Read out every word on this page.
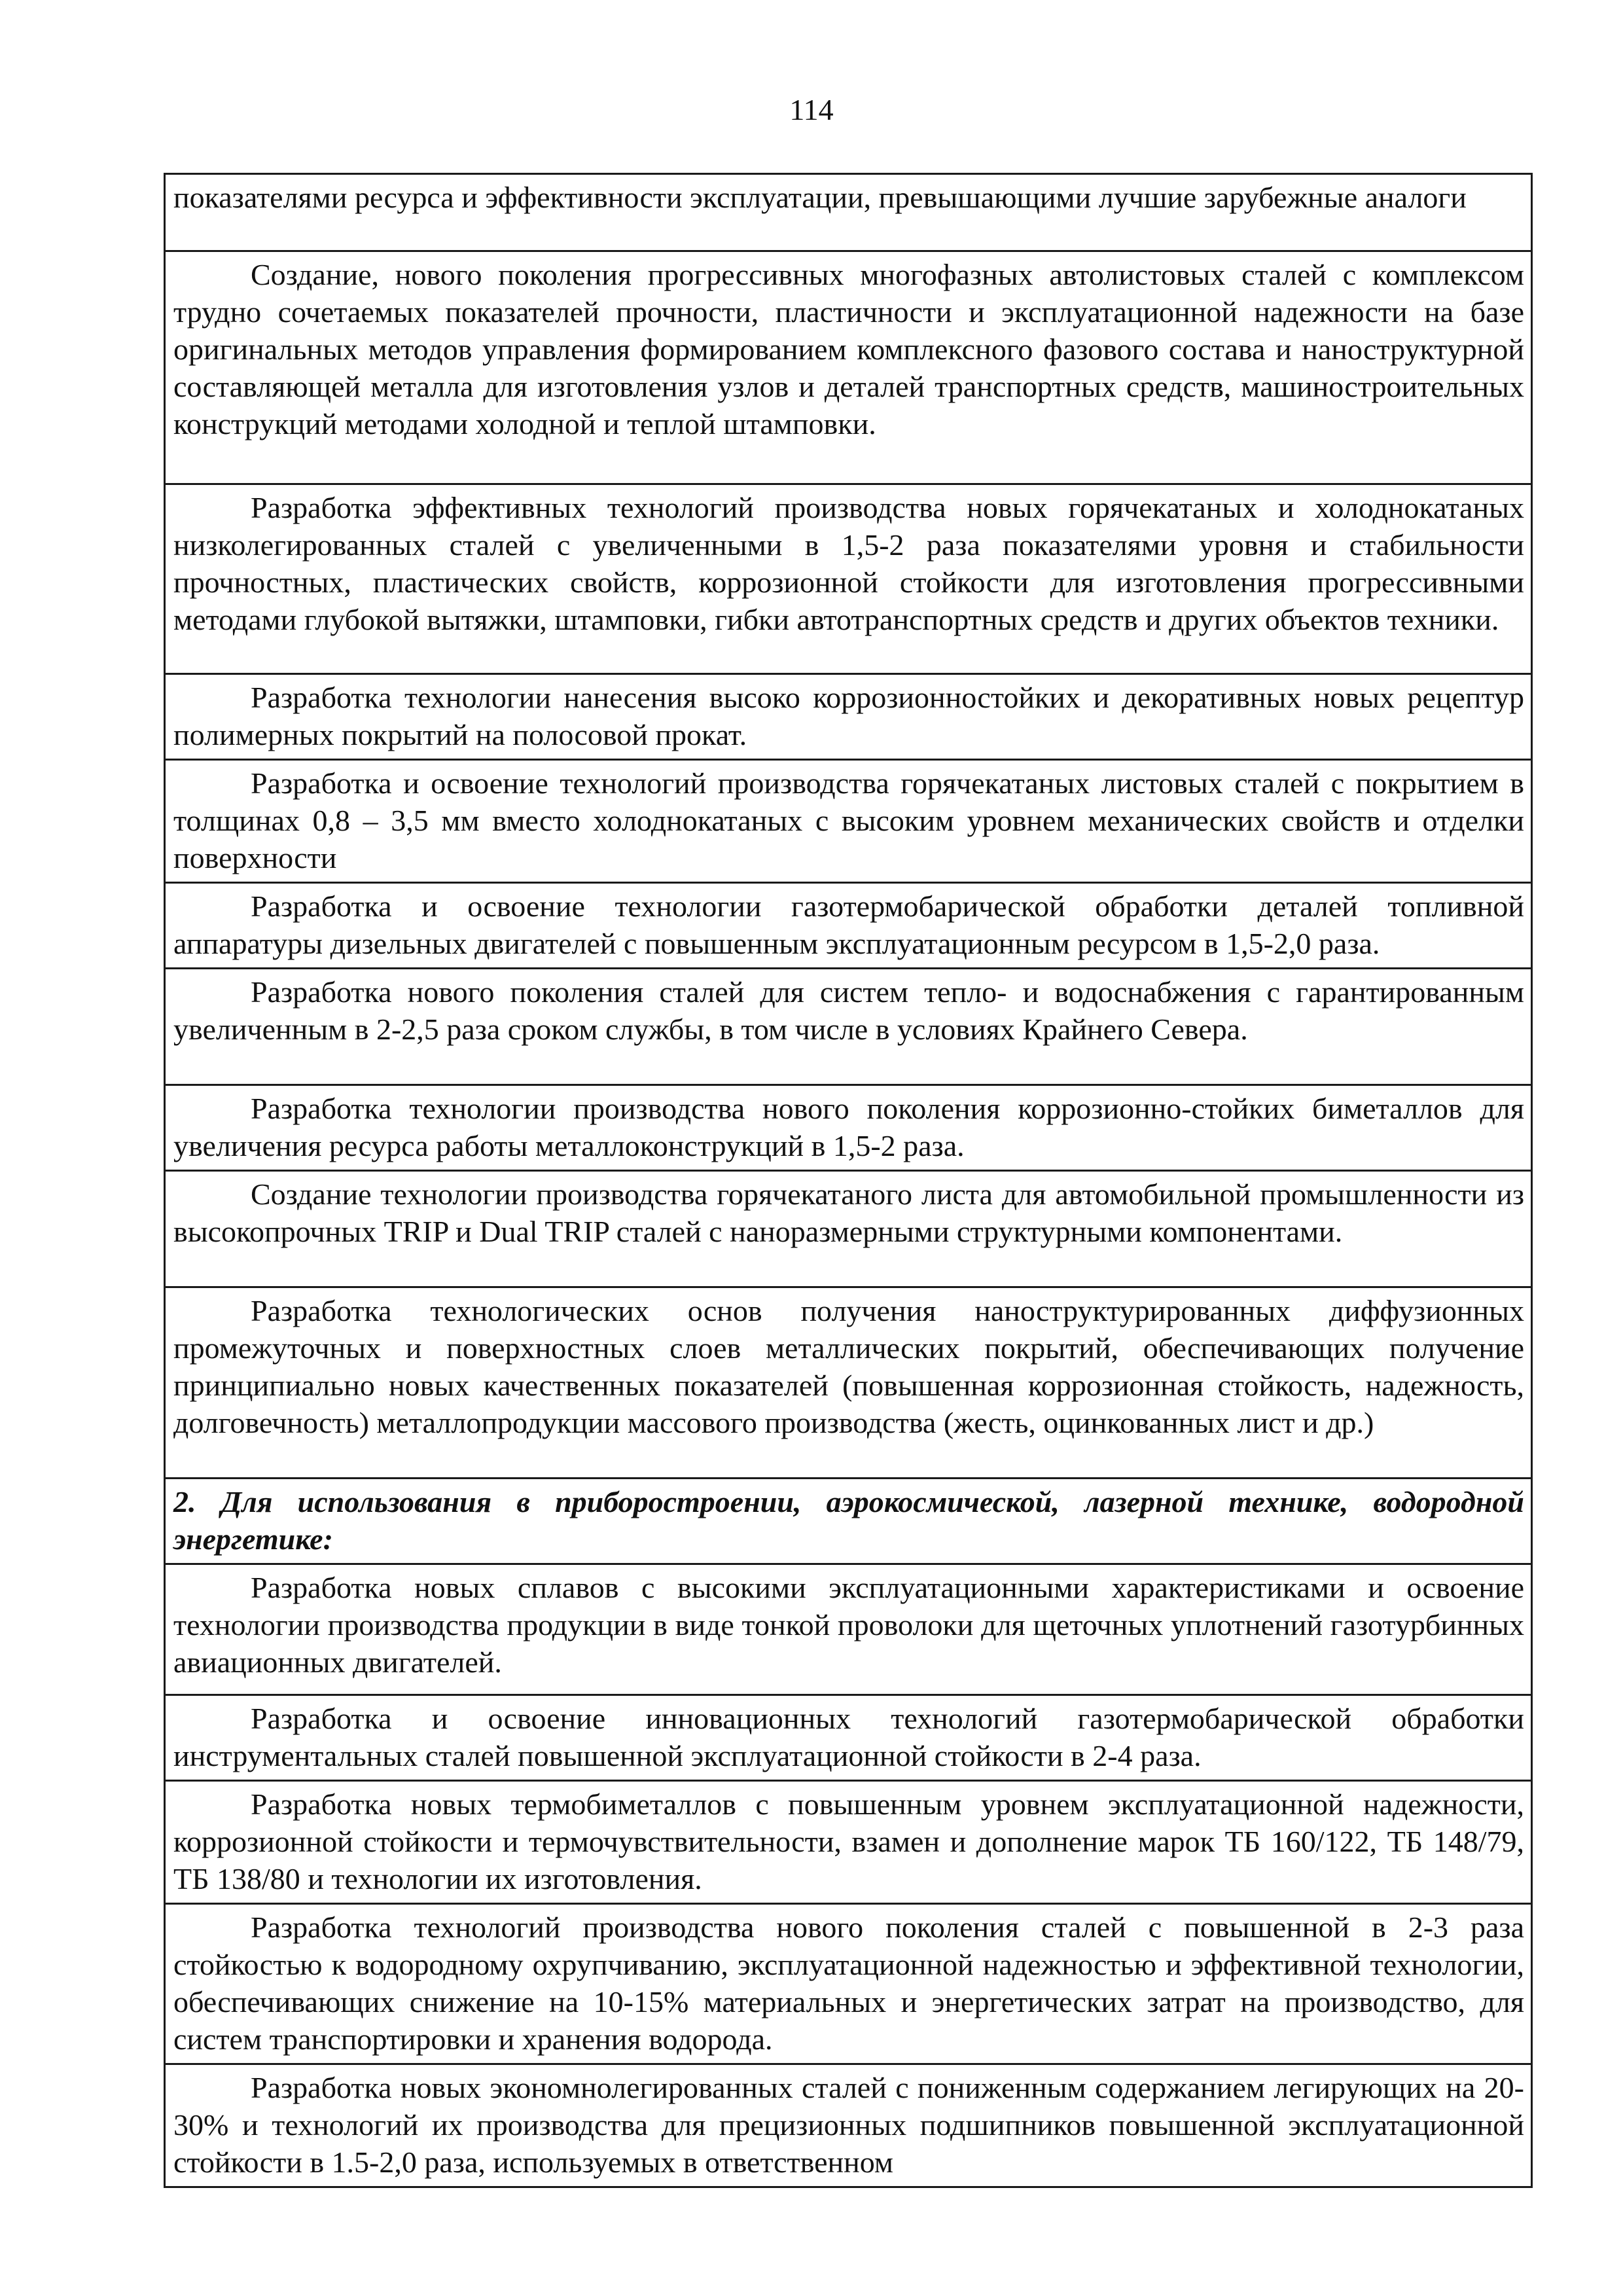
114
показателями ресурса и эффективности эксплуатации, превышающими лучшие зарубежные аналоги
Создание, нового поколения прогрессивных многофазных автолистовых сталей с комплексом трудно сочетаемых показателей прочности, пластичности и эксплуатационной надежности на базе оригинальных методов управления формированием комплексного фазового состава и наноструктурной составляющей металла для изготовления узлов и деталей транспортных средств, машиностроительных конструкций методами холодной и теплой штамповки.
Разработка эффективных технологий производства новых горячекатаных и холоднокатаных низколегированных сталей с увеличенными в 1,5-2 раза показателями уровня и стабильности прочностных, пластических свойств, коррозионной стойкости для изготовления прогрессивными методами глубокой вытяжки, штамповки, гибки автотранспортных средств и других объектов техники.
Разработка технологии нанесения высоко коррозионностойких и декоративных новых рецептур полимерных покрытий на полосовой прокат.
Разработка и освоение технологий производства горячекатаных листовых сталей с покрытием в толщинах 0,8 – 3,5 мм вместо холоднокатаных с высоким уровнем механических свойств и отделки поверхности
Разработка и освоение технологии газотермобарической обработки деталей топливной аппаратуры дизельных двигателей с повышенным эксплуатационным ресурсом в 1,5-2,0 раза.
Разработка нового поколения сталей для систем тепло- и водоснабжения с гарантированным увеличенным в 2-2,5 раза сроком службы, в том числе в условиях Крайнего Севера.
Разработка технологии производства нового поколения коррозионно-стойких биметаллов для увеличения ресурса работы металлоконструкций в 1,5-2 раза.
Создание технологии производства горячекатаного листа для автомобильной промышленности из высокопрочных TRIP и Dual TRIP сталей с наноразмерными структурными компонентами.
Разработка технологических основ получения наноструктурированных диффузионных промежуточных и поверхностных слоев металлических покрытий, обеспечивающих получение принципиально новых качественных показателей (повышенная коррозионная стойкость, надежность, долговечность) металлопродукции массового производства (жесть, оцинкованных лист и др.)
2. Для использования в приборостроении, аэрокосмической, лазерной технике, водородной энергетике:
Разработка новых сплавов с высокими эксплуатационными характеристиками и освоение технологии производства продукции в виде тонкой проволоки для щеточных уплотнений газотурбинных авиационных двигателей.
Разработка и освоение инновационных технологий газотермобарической обработки инструментальных сталей повышенной эксплуатационной стойкости в 2-4 раза.
Разработка новых термобиметаллов с повышенным уровнем эксплуатационной надежности, коррозионной стойкости и термочувствительности, взамен и дополнение марок ТБ 160/122, ТБ 148/79, ТБ 138/80 и технологии их изготовления.
Разработка технологий производства нового поколения сталей с повышенной в 2-3 раза стойкостью к водородному охрупчиванию, эксплуатационной надежностью и эффективной технологии, обеспечивающих снижение на 10-15% материальных и энергетических затрат на производство, для систем транспортировки и хранения водорода.
Разработка новых экономнолегированных сталей с пониженным содержанием легирующих на 20-30% и технологий их производства для прецизионных подшипников повышенной эксплуатационной стойкости в 1.5-2,0 раза, используемых в ответственном
